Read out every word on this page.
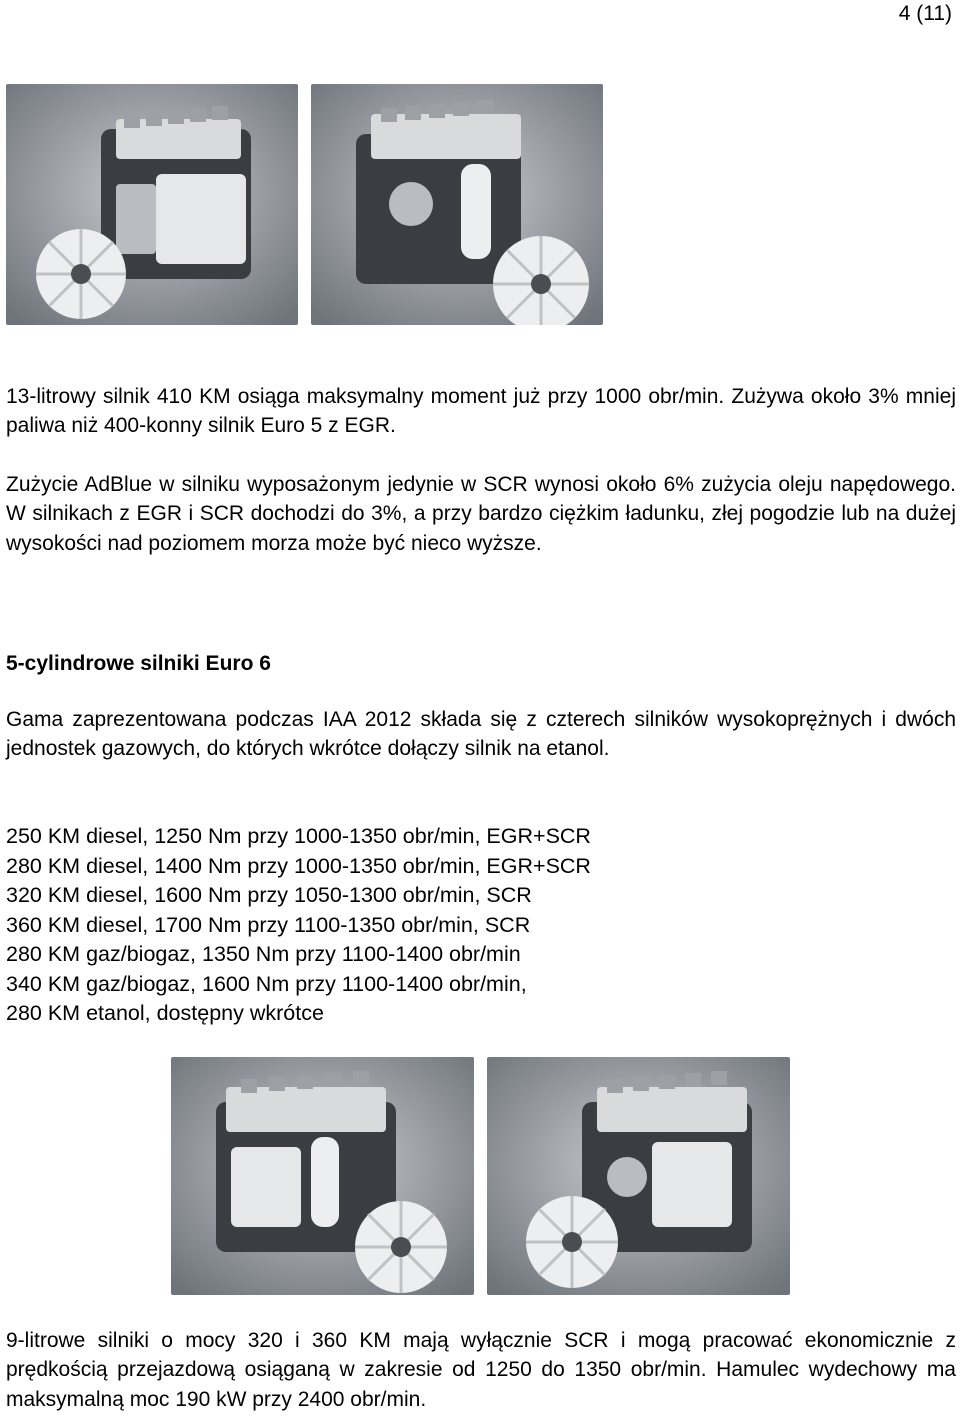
4 (11)

13-litrowy silnik 410 KM osiąga maksymalny moment już przy 1000 obr/min. Zużywa około 3% mniej paliwa niż 400-konny silnik Euro 5 z EGR.

Zużycie AdBlue w silniku wyposażonym jedynie w SCR wynosi około 6% zużycia oleju napędowego. W silnikach z EGR i SCR dochodzi do 3%, a przy bardzo ciężkim ładunku, złej pogodzie lub na dużej wysokości nad poziomem morza może być nieco wyższe.

5-cylindrowe silniki Euro 6

Gama zaprezentowana podczas IAA 2012 składa się z czterech silników wysokoprężnych i dwóch jednostek gazowych, do których wkrótce dołączy silnik na etanol.

250 KM diesel, 1250 Nm przy 1000-1350 obr/min, EGR+SCR
280 KM diesel, 1400 Nm przy 1000-1350 obr/min, EGR+SCR
320 KM diesel, 1600 Nm przy 1050-1300 obr/min, SCR
360 KM diesel, 1700 Nm przy 1100-1350 obr/min, SCR
280 KM gaz/biogaz, 1350 Nm przy 1100-1400 obr/min
340 KM gaz/biogaz, 1600 Nm przy 1100-1400 obr/min,
280 KM etanol, dostępny wkrótce

9-litrowe silniki o mocy 320 i 360 KM mają wyłącznie SCR i mogą pracować ekonomicznie z prędkością przejazdową osiąganą w zakresie od 1250 do 1350 obr/min. Hamulec wydechowy ma maksymalną moc 190 kW przy 2400 obr/min.
